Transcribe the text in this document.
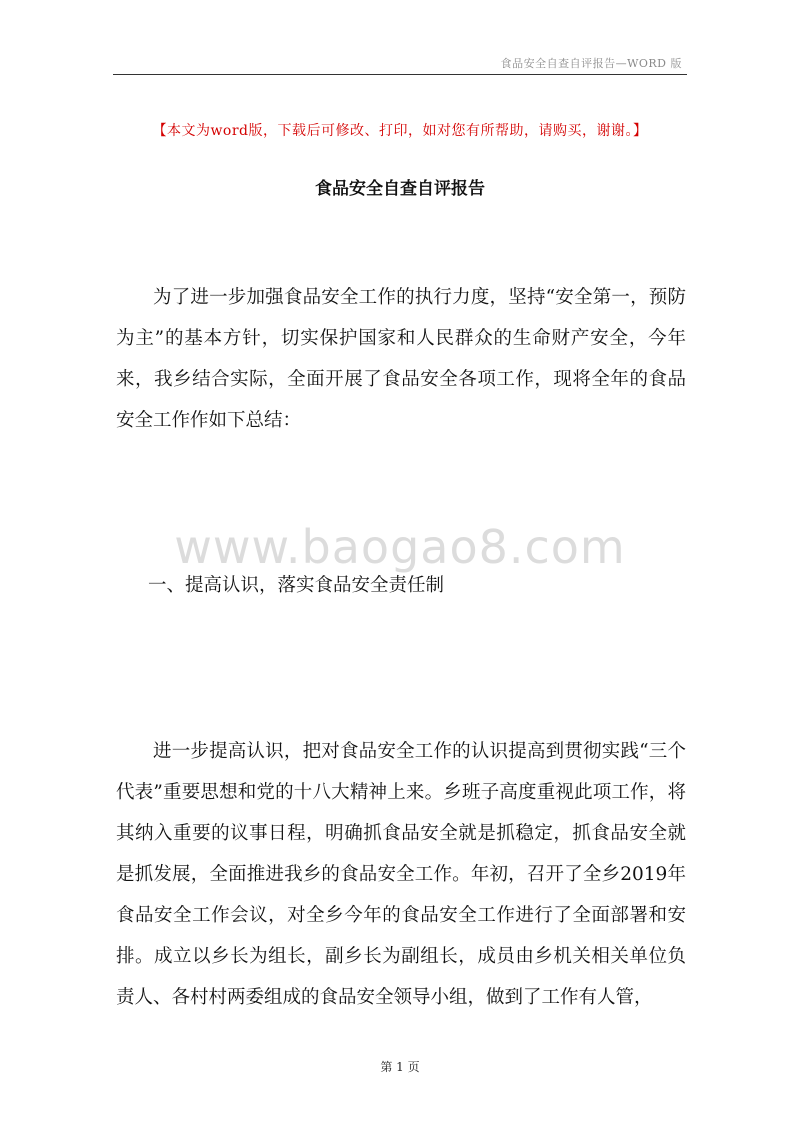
食品安全自查自评报告—WORD 版
【本文为word版，下载后可修改、打印，如对您有所帮助，请购买，谢谢。】
食品安全自查自评报告

为了进一步加强食品安全工作的执行力度，坚持“安全第一，预防为主”的基本方针，切实保护国家和人民群众的生命财产安全，今年来，我乡结合实际，全面开展了食品安全各项工作，现将全年的食品安全工作作如下总结：

www.baogao8.com
一、提高认识，落实食品安全责任制

进一步提高认识，把对食品安全工作的认识提高到贯彻实践“三个代表”重要思想和党的十八大精神上来。乡班子高度重视此项工作，将其纳入重要的议事日程，明确抓食品安全就是抓稳定，抓食品安全就是抓发展，全面推进我乡的食品安全工作。年初，召开了全乡2019年食品安全工作会议，对全乡今年的食品安全工作进行了全面部署和安排。成立以乡长为组长，副乡长为副组长，成员由乡机关相关单位负责人、各村村两委组成的食品安全领导小组，做到了工作有人管，

第 1 页
